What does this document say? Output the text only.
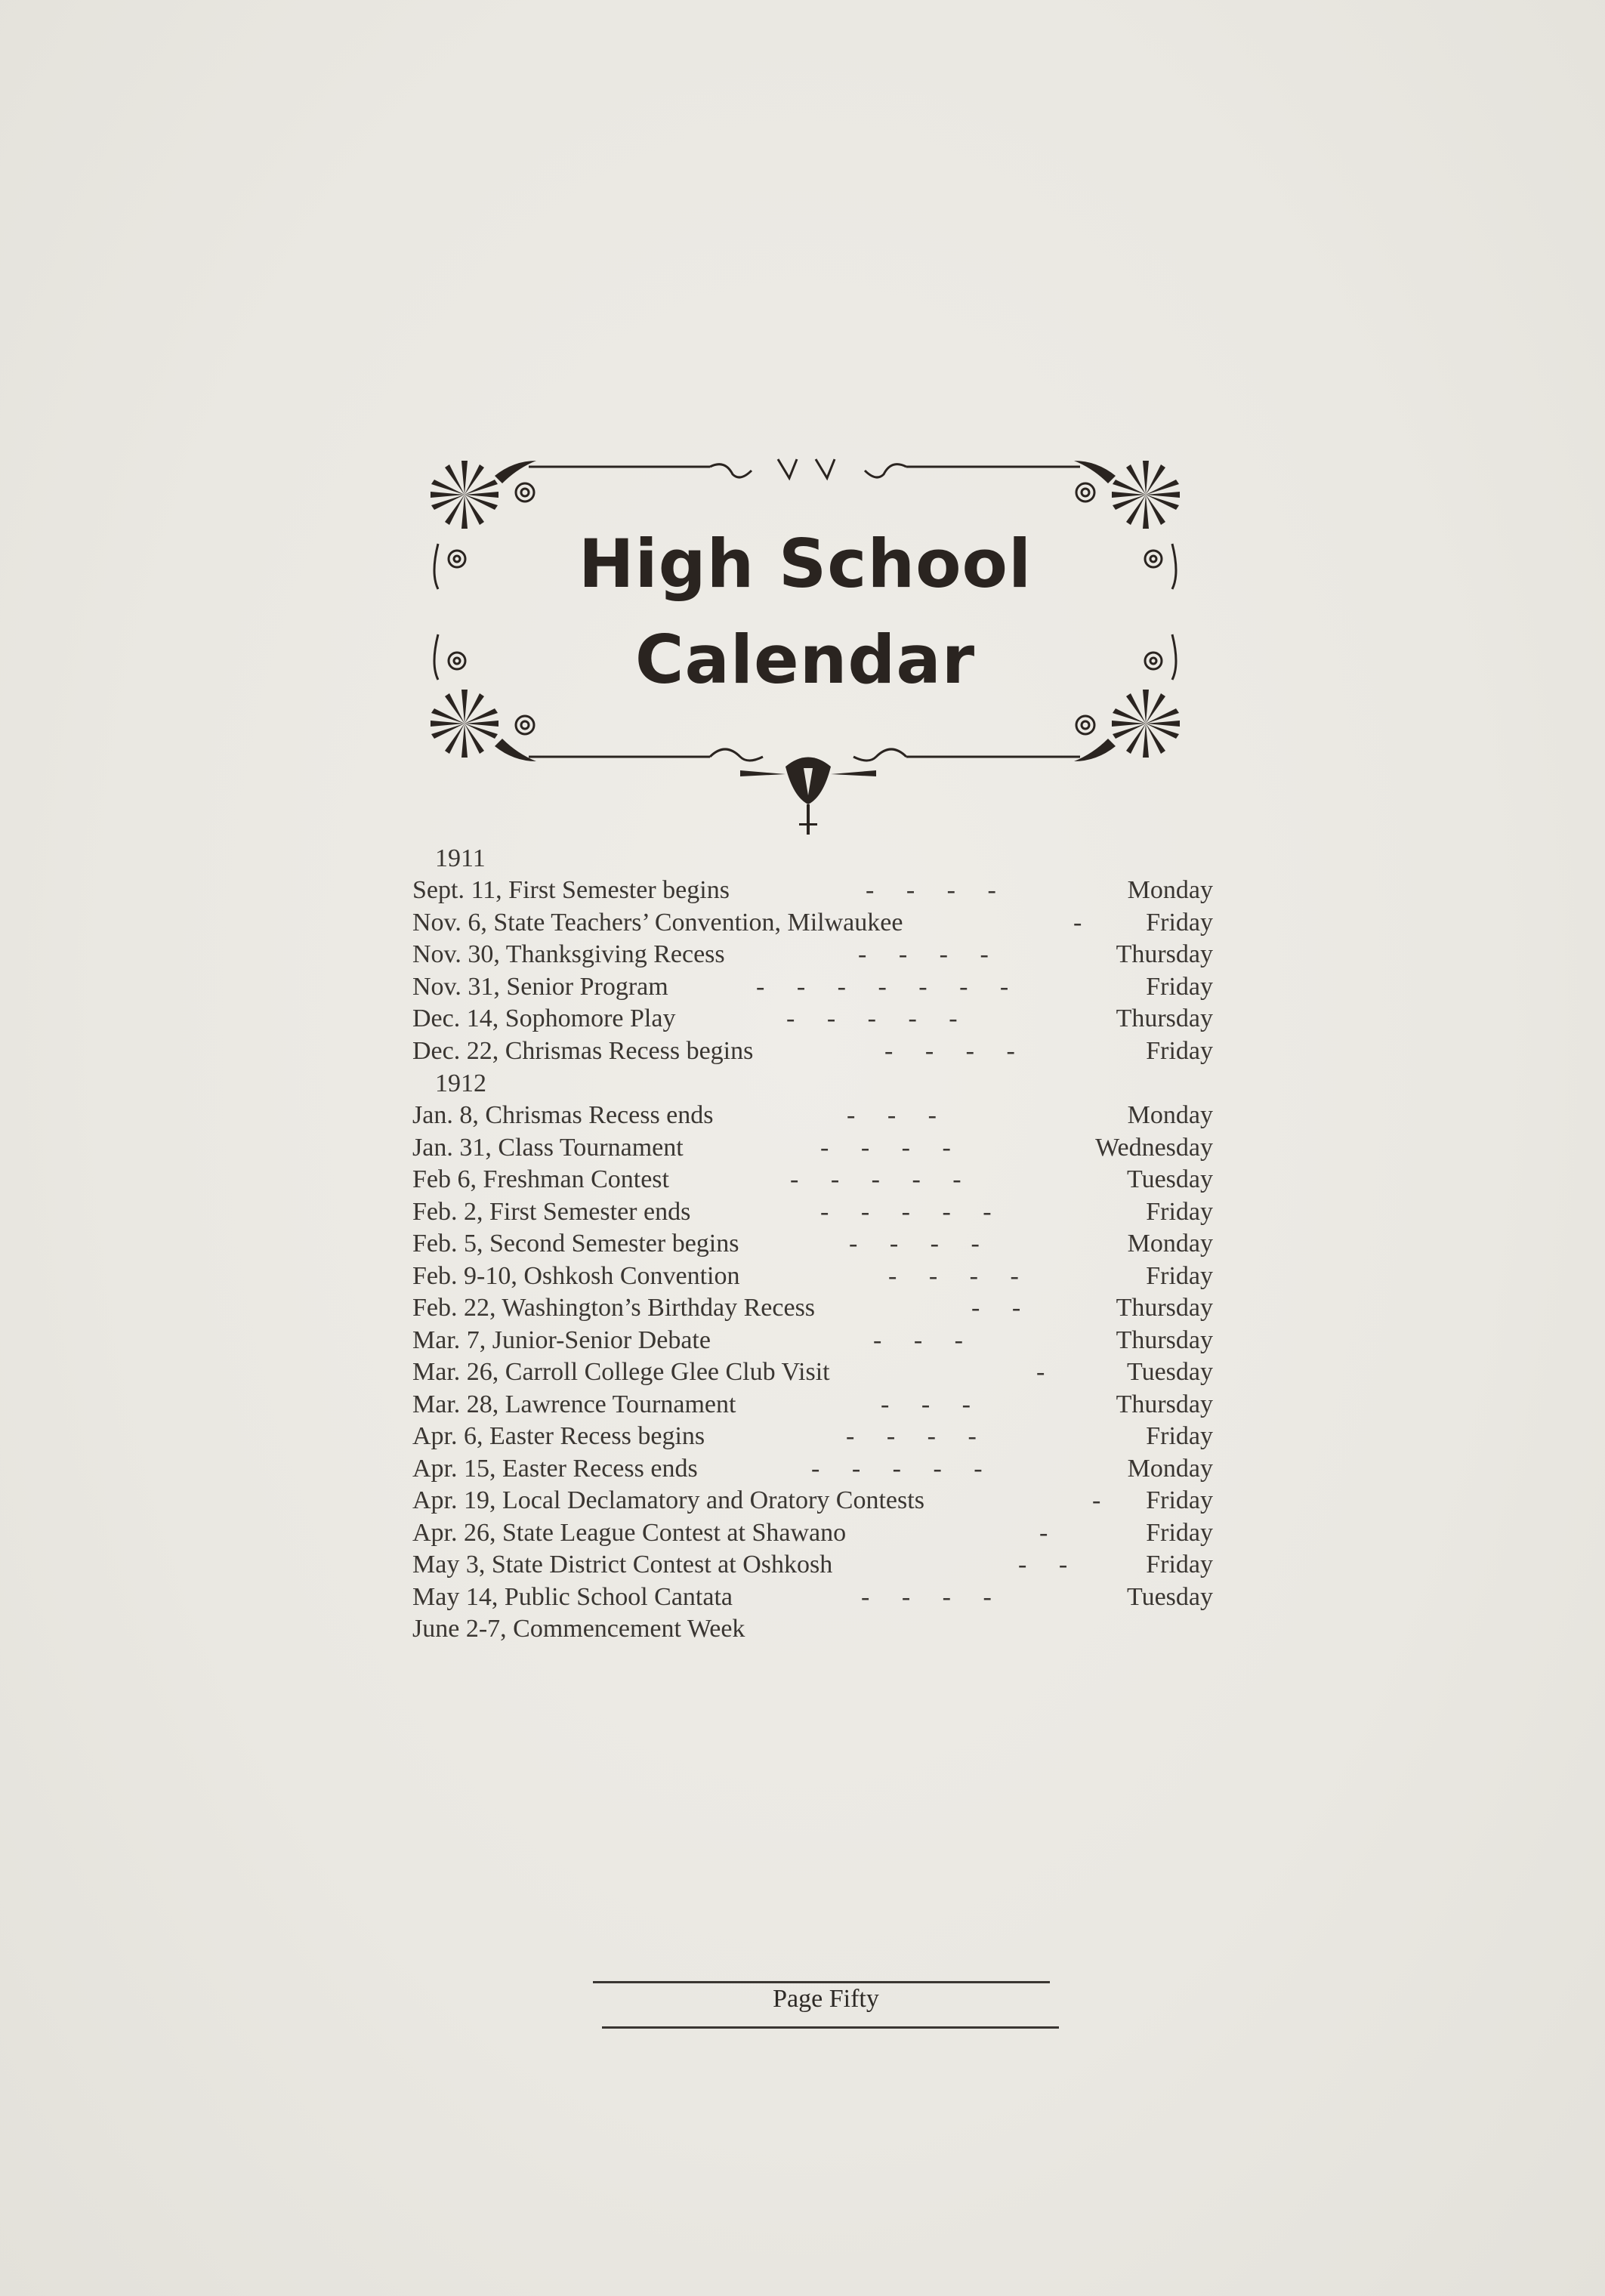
High School
Calendar
1911
Sept. 11, First Semester begins	-     -     -     -	Monday
Nov. 6, State Teachers’ Convention, Milwaukee	- Friday
Nov. 30, Thanksgiving Recess	-     -     -     -	Thursday
Nov. 31, Senior Program	-     -     -     -     -     -     -	Friday
Dec. 14, Sophomore Play	-     -     -     -     -	Thursday
Dec. 22, Chrismas Recess begins	-     -     -     -	Friday
1912
Jan. 8, Chrismas Recess ends	-     -     -	Monday
Jan. 31, Class Tournament	-     -     -     -	Wednesday
Feb 6, Freshman Contest	-     -     -     -     -	Tuesday
Feb. 2, First Semester ends	-     -     -     -     -	Friday
Feb. 5, Second Semester begins	-     -     -     -	Monday
Feb. 9-10, Oshkosh Convention	-     -     -     -	Friday
Feb. 22, Washington’s Birthday Recess	-     -	Thursday
Mar. 7, Junior-Senior Debate	-     -     -	Thursday
Mar. 26, Carroll College Glee Club Visit	-	Tuesday
Mar. 28, Lawrence Tournament	-     -     -	Thursday
Apr. 6, Easter Recess begins	-     -     -     -	Friday
Apr. 15, Easter Recess ends	-     -     -     -     -	Monday
Apr. 19, Local Declamatory and Oratory Contests	- Friday
Apr. 26, State League Contest at Shawano	-	Friday
May 3, State District Contest at Oshkosh	-     -	Friday
May 14, Public School Cantata	-     -     -     -	Tuesday
June 2-7, Commencement Week
Page Fifty
